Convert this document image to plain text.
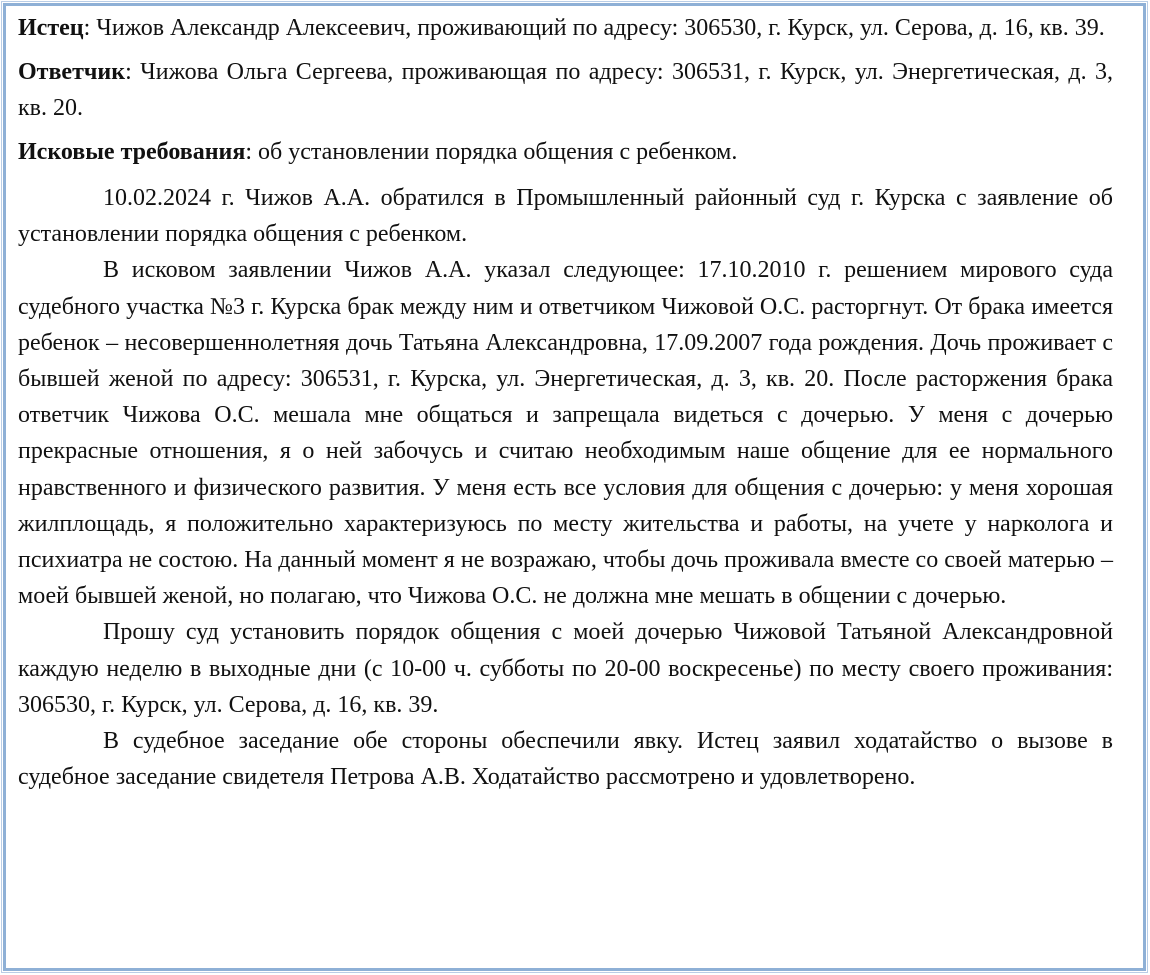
Истец: Чижов Александр Алексеевич, проживающий по адресу: 306530, г. Курск, ул. Серова, д. 16, кв. 39.

Ответчик: Чижова Ольга Сергеева, проживающая по адресу: 306531, г. Курск, ул. Энергетическая, д. 3, кв. 20.

Исковые требования: об установлении порядка общения с ребенком.

10.02.2024 г. Чижов А.А. обратился в Промышленный районный суд г. Курска с заявление об установлении порядка общения с ребенком.

В исковом заявлении Чижов А.А. указал следующее: 17.10.2010 г. решением мирового суда судебного участка №3 г. Курска брак между ним и ответчиком Чижовой О.С. расторгнут. От брака имеется ребенок – несовершеннолетняя дочь Татьяна Александровна, 17.09.2007 года рождения. Дочь проживает с бывшей женой по адресу: 306531, г. Курска, ул. Энергетическая, д. 3, кв. 20. После расторжения брака ответчик Чижова О.С. мешала мне общаться и запрещала видеться с дочерью. У меня с дочерью прекрасные отношения, я о ней забочусь и считаю необходимым наше общение для ее нормального нравственного и физического развития. У меня есть все условия для общения с дочерью: у меня хорошая жилплощадь, я положительно характеризуюсь по месту жительства и работы, на учете у нарколога и психиатра не состою. На данный момент я не возражаю, чтобы дочь проживала вместе со своей матерью – моей бывшей женой, но полагаю, что Чижова О.С. не должна мне мешать в общении с дочерью.

Прошу суд установить порядок общения с моей дочерью Чижовой Татьяной Александровной каждую неделю в выходные дни (с 10-00 ч. субботы по 20-00 воскресенье) по месту своего проживания: 306530, г. Курск, ул. Серова, д. 16, кв. 39.

В судебное заседание обе стороны обеспечили явку. Истец заявил ходатайство о вызове в судебное заседание свидетеля Петрова А.В. Ходатайство рассмотрено и удовлетворено.
